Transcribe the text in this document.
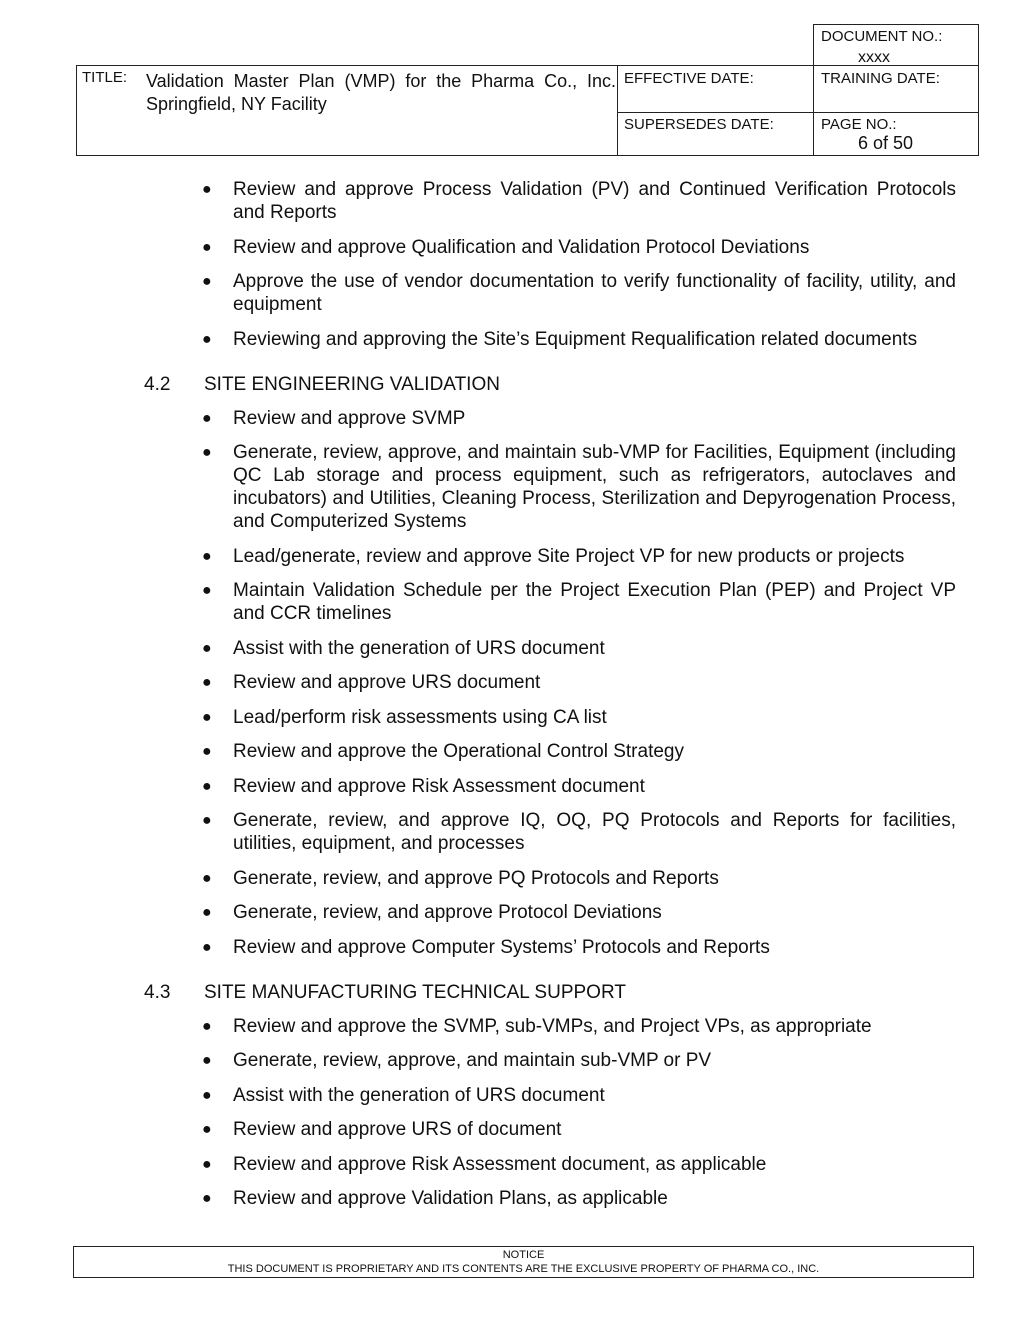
DOCUMENT NO.:
xxxx
TITLE: Validation Master Plan (VMP) for the Pharma Co., Inc. Springfield, NY Facility
EFFECTIVE DATE:	TRAINING DATE:
SUPERSEDES DATE:	PAGE NO.:
6 of 50
● Review and approve Process Validation (PV) and Continued Verification Protocols and Reports
● Review and approve Qualification and Validation Protocol Deviations
● Approve the use of vendor documentation to verify functionality of facility, utility, and equipment
● Reviewing and approving the Site’s Equipment Requalification related documents
4.2	SITE ENGINEERING VALIDATION
● Review and approve SVMP
● Generate, review, approve, and maintain sub-VMP for Facilities, Equipment (including QC Lab storage and process equipment, such as refrigerators, autoclaves and incubators) and Utilities, Cleaning Process, Sterilization and Depyrogenation Process, and Computerized Systems
● Lead/generate, review and approve Site Project VP for new products or projects
● Maintain Validation Schedule per the Project Execution Plan (PEP) and Project VP and CCR timelines
● Assist with the generation of URS document
● Review and approve URS document
● Lead/perform risk assessments using CA list
● Review and approve the Operational Control Strategy
● Review and approve Risk Assessment document
● Generate, review, and approve IQ, OQ, PQ Protocols and Reports for facilities, utilities, equipment, and processes
● Generate, review, and approve PQ Protocols and Reports
● Generate, review, and approve Protocol Deviations
● Review and approve Computer Systems’ Protocols and Reports
4.3	SITE MANUFACTURING TECHNICAL SUPPORT
● Review and approve the SVMP, sub-VMPs, and Project VPs, as appropriate
● Generate, review, approve, and maintain sub-VMP or PV
● Assist with the generation of URS document
● Review and approve URS of document
● Review and approve Risk Assessment document, as applicable
● Review and approve Validation Plans, as applicable
NOTICE
THIS DOCUMENT IS PROPRIETARY AND ITS CONTENTS ARE THE EXCLUSIVE PROPERTY OF PHARMA CO., INC.
